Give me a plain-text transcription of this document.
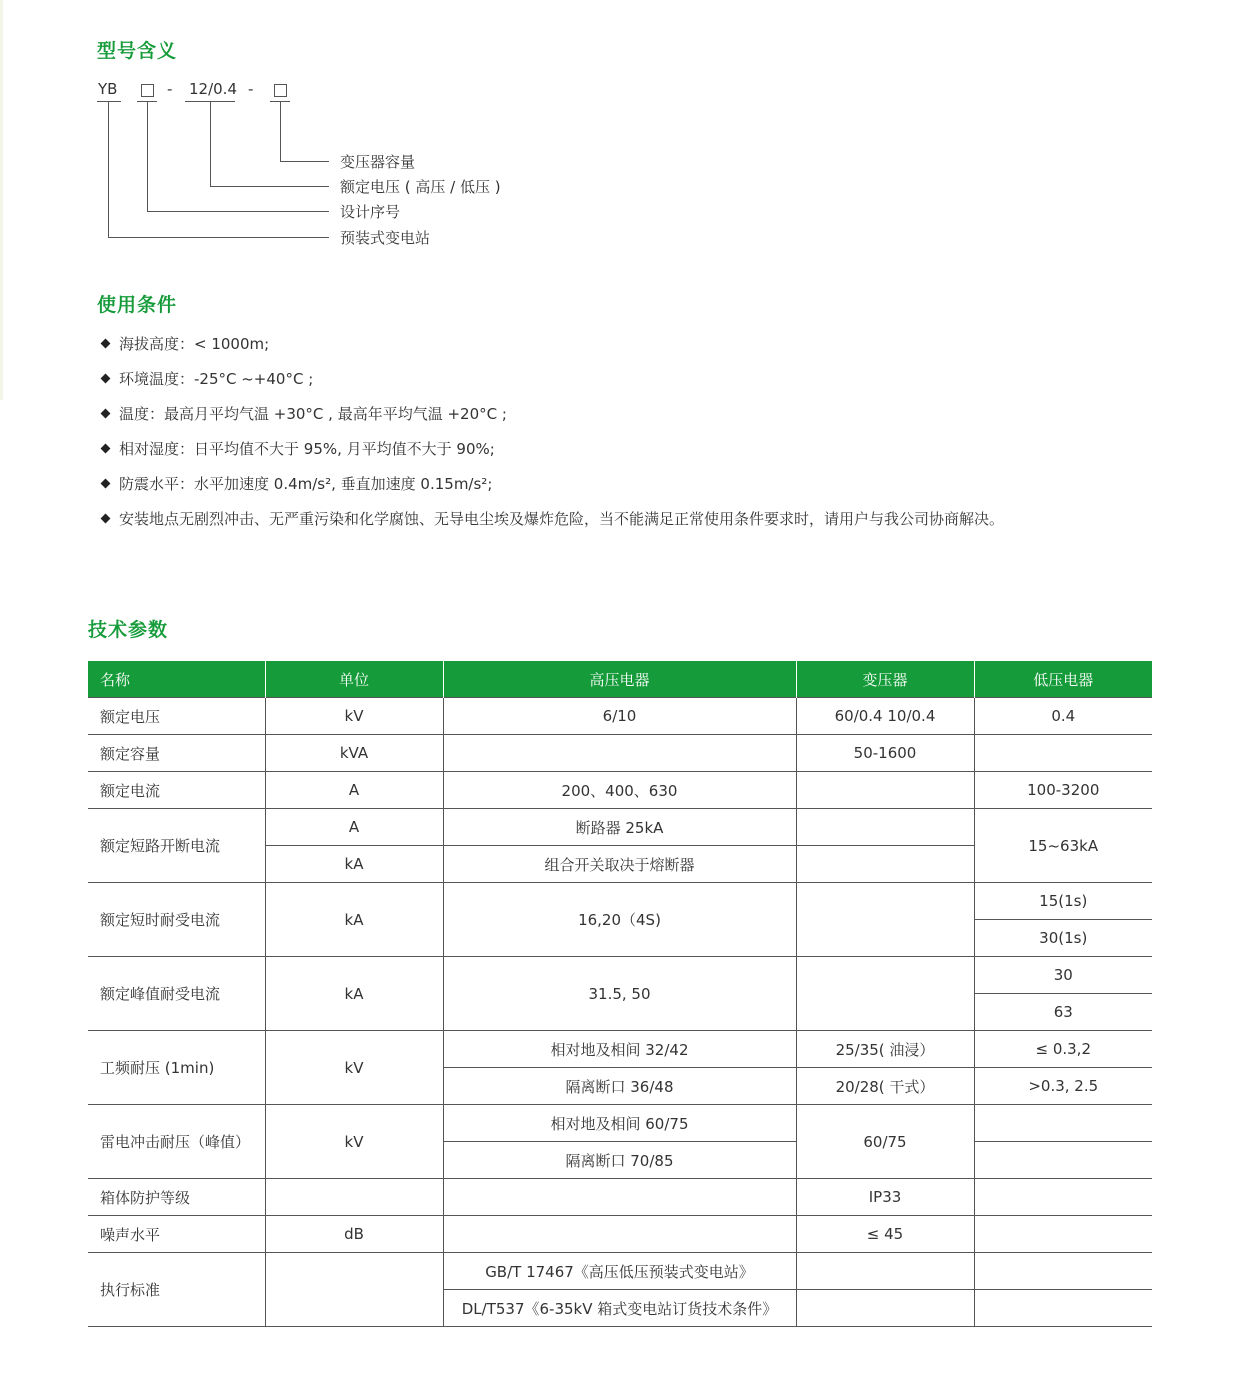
型号含义
YB	- 12/0.4 -
变压器容量
额定电压 ( 高压 / 低压 )
设计序号
预装式变电站
使用条件
海拔高度：< 1000m;
环境温度：-25°C ~+40°C ;
温度：最高月平均气温 +30°C , 最高年平均气温 +20°C ;
相对湿度：日平均值不大于 95%, 月平均值不大于 90%;
防震水平：水平加速度 0.4m/s², 垂直加速度 0.15m/s²;
安装地点无剧烈冲击、无严重污染和化学腐蚀、无导电尘埃及爆炸危险，当不能满足正常使用条件要求时，请用户与我公司协商解决。
技术参数
名称	单位	高压电器	变压器	低压电器
额定电压	kV	6/10	60/0.4 10/0.4	0.4
额定容量	kVA		50-1600	
额定电流	A	200、400、630		100-3200
额定短路开断电流	A	断路器 25kA		15~63kA
	kA	组合开关取决于熔断器		
额定短时耐受电流	kA	16,20（4S)		15(1s)
				30(1s)
额定峰值耐受电流	kA	31.5, 50		30
				63
工频耐压 (1min)	kV	相对地及相间 32/42	25/35( 油浸）	≤ 0.3,2
		隔离断口 36/48	20/28( 干式）	>0.3, 2.5
雷电冲击耐压（峰值）	kV	相对地及相间 60/75	60/75	
		隔离断口 70/85		
箱体防护等级			IP33	
噪声水平	dB		≤ 45	
执行标准		GB/T 17467《高压低压预装式变电站》		
		DL/T537《6-35kV 箱式变电站订货技术条件》		
